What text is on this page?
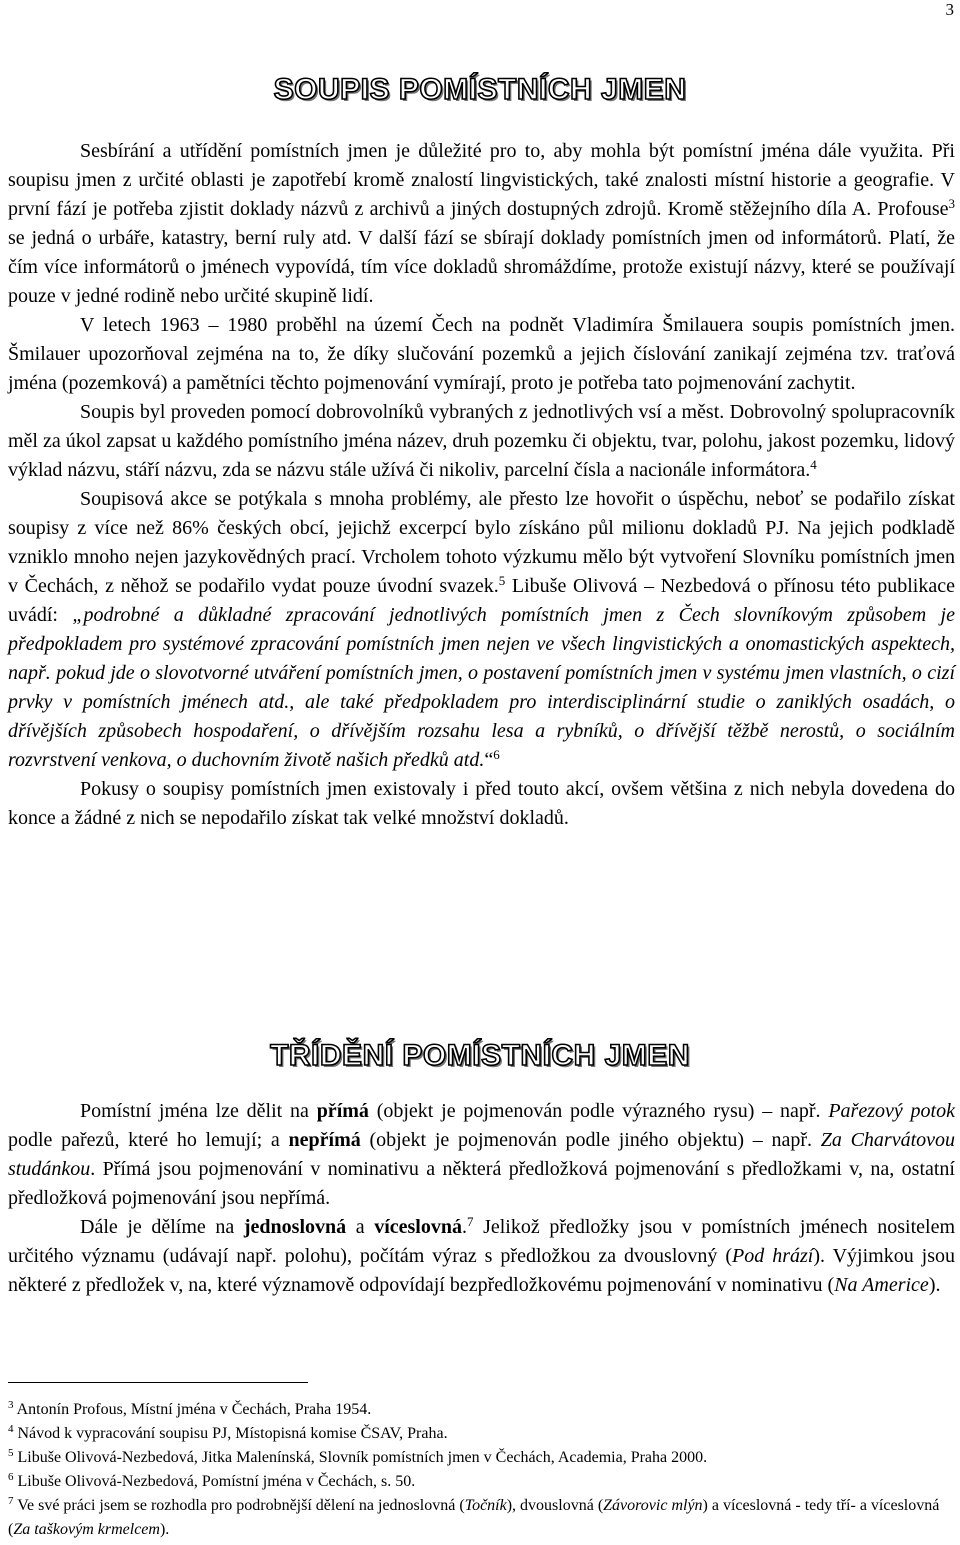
3
SOUPIS POMÍSTNÍCH JMEN

Sesbírání a utřídění pomístních jmen je důležité pro to, aby mohla být pomístní jména dále využita. Při soupisu jmen z určité oblasti je zapotřebí kromě znalostí lingvistických, také znalosti místní historie a geografie. V první fází je potřeba zjistit doklady názvů z archivů a jiných dostupných zdrojů. Kromě stěžejního díla A. Profouse$^3$ se jedná o urbáře, katastry, berní ruly atd. V další fází se sbírají doklady pomístních jmen od informátorů. Platí, že čím více informátorů o jménech vypovídá, tím více dokladů shromáždíme, protože existují názvy, které se používají pouze v jedné rodině nebo určité skupině lidí.

V letech 1963 – 1980 proběhl na území Čech na podnět Vladimíra Šmilauera soupis pomístních jmen. Šmilauer upozorňoval zejména na to, že díky slučování pozemků a jejich číslování zanikají zejména tzv. traťová jména (pozemková) a pamětníci těchto pojmenování vymírají, proto je potřeba tato pojmenování zachytit.

Soupis byl proveden pomocí dobrovolníků vybraných z jednotlivých vsí a měst. Dobrovolný spolupracovník měl za úkol zapsat u každého pomístního jména název, druh pozemku či objektu, tvar, polohu, jakost pozemku, lidový výklad názvu, stáří názvu, zda se názvu stále užívá či nikoliv, parcelní čísla a nacionále informátora.$^4$

Soupisová akce se potýkala s mnoha problémy, ale přesto lze hovořit o úspěchu, neboť se podařilo získat soupisy z více než 86% českých obcí, jejichž excerpcí bylo získáno půl milionu dokladů PJ. Na jejich podkladě vzniklo mnoho nejen jazykovědných prací. Vrcholem tohoto výzkumu mělo být vytvoření Slovníku pomístních jmen v Čechách, z něhož se podařilo vydat pouze úvodní svazek.$^5$ Libuše Olivová – Nezbedová o přínosu této publikace uvádí: „podrobné a důkladné zpracování jednotlivých pomístních jmen z Čech slovníkovým způsobem je předpokladem pro systémové zpracování pomístních jmen nejen ve všech lingvistických a onomastických aspektech, např. pokud jde o slovotvorné utváření pomístních jmen, o postavení pomístních jmen v systému jmen vlastních, o cizí prvky v pomístních jménech atd., ale také předpokladem pro interdisciplinární studie o zaniklých osadách, o dřívějších způsobech hospodaření, o dřívějším rozsahu lesa a rybníků, o dřívější těžbě nerostů, o sociálním rozvrstvení venkova, o duchovním životě našich předků atd.“$^6$

Pokusy o soupisy pomístních jmen existovaly i před touto akcí, ovšem většina z nich nebyla dovedena do konce a žádné z nich se nepodařilo získat tak velké množství dokladů.

TŘÍDĚNÍ POMÍSTNÍCH JMEN

Pomístní jména lze dělit na přímá (objekt je pojmenován podle výrazného rysu) – např. Pařezový potok podle pařezů, které ho lemují; a nepřímá (objekt je pojmenován podle jiného objektu) – např. Za Charvátovou studánkou. Přímá jsou pojmenování v nominativu a některá předložková pojmenování s předložkami v, na, ostatní předložková pojmenování jsou nepřímá.

Dále je dělíme na jednoslovná a víceslovná.$^7$ Jelikož předložky jsou v pomístních jménech nositelem určitého významu (udávají např. polohu), počítám výraz s předložkou za dvouslovný (Pod hrází). Výjimkou jsou některé z předložek v, na, které významově odpovídají bezpředložkovému pojmenování v nominativu (Na Americe).

$^3$ Antonín Profous, Místní jména v Čechách, Praha 1954.

$^4$ Návod k vypracování soupisu PJ, Místopisná komise ČSAV, Praha.

$^5$ Libuše Olivová-Nezbedová, Jitka Malenínská, Slovník pomístních jmen v Čechách, Academia, Praha 2000.

$^6$ Libuše Olivová-Nezbedová, Pomístní jména v Čechách, s. 50.

$^7$ Ve své práci jsem se rozhodla pro podrobnější dělení na jednoslovná (Točník), dvouslovná (Závorovic mlýn) a víceslovná - tedy tří- a víceslovná (Za taškovým krmelcem).
